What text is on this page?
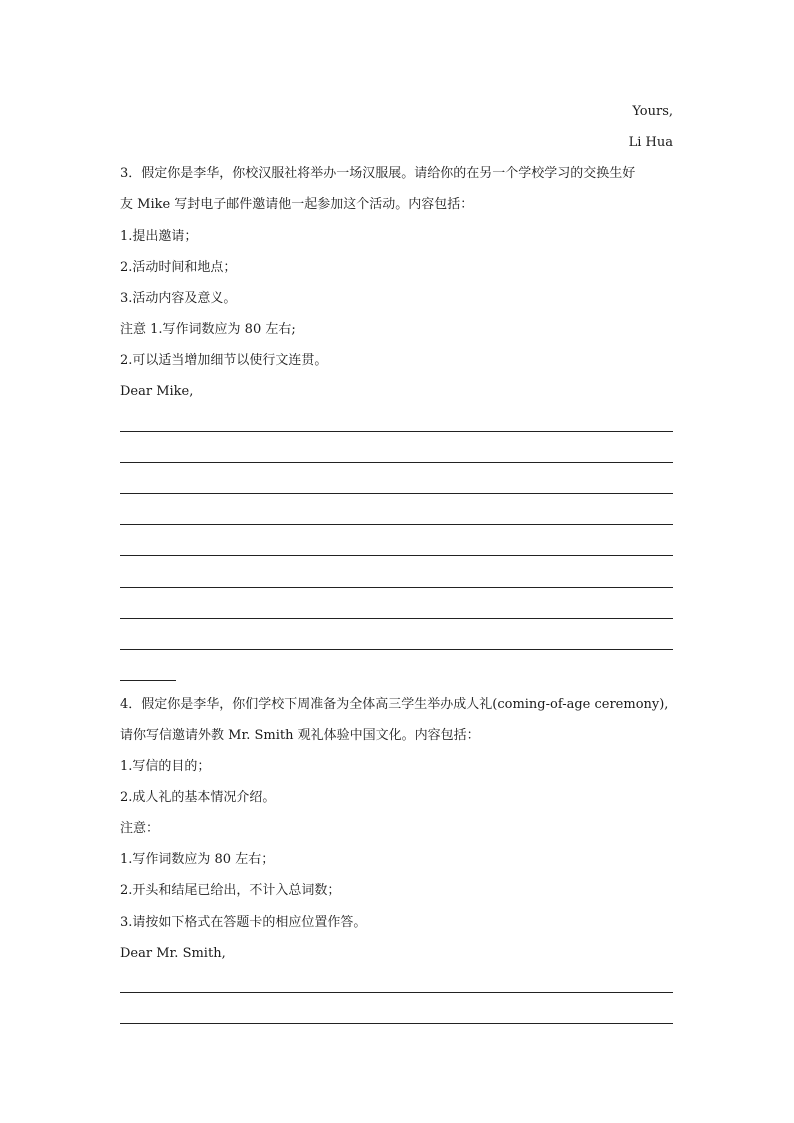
Yours,
Li Hua
3．假定你是李华，你校汉服社将举办一场汉服展。请给你的在另一个学校学习的交换生好
友 Mike 写封电子邮件邀请他一起参加这个活动。内容包括：
1.提出邀请；
2.活动时间和地点；
3.活动内容及意义。
注意 1.写作词数应为 80 左右;
2.可以适当增加细节以使行文连贯。
Dear Mike,
4．假定你是李华，你们学校下周准备为全体高三学生举办成人礼(coming-of-age ceremony),
请你写信邀请外教 Mr. Smith 观礼体验中国文化。内容包括：
1.写信的目的；
2.成人礼的基本情况介绍。
注意：
1.写作词数应为 80 左右；
2.开头和结尾已给出，不计入总词数；
3.请按如下格式在答题卡的相应位置作答。
Dear Mr. Smith,
